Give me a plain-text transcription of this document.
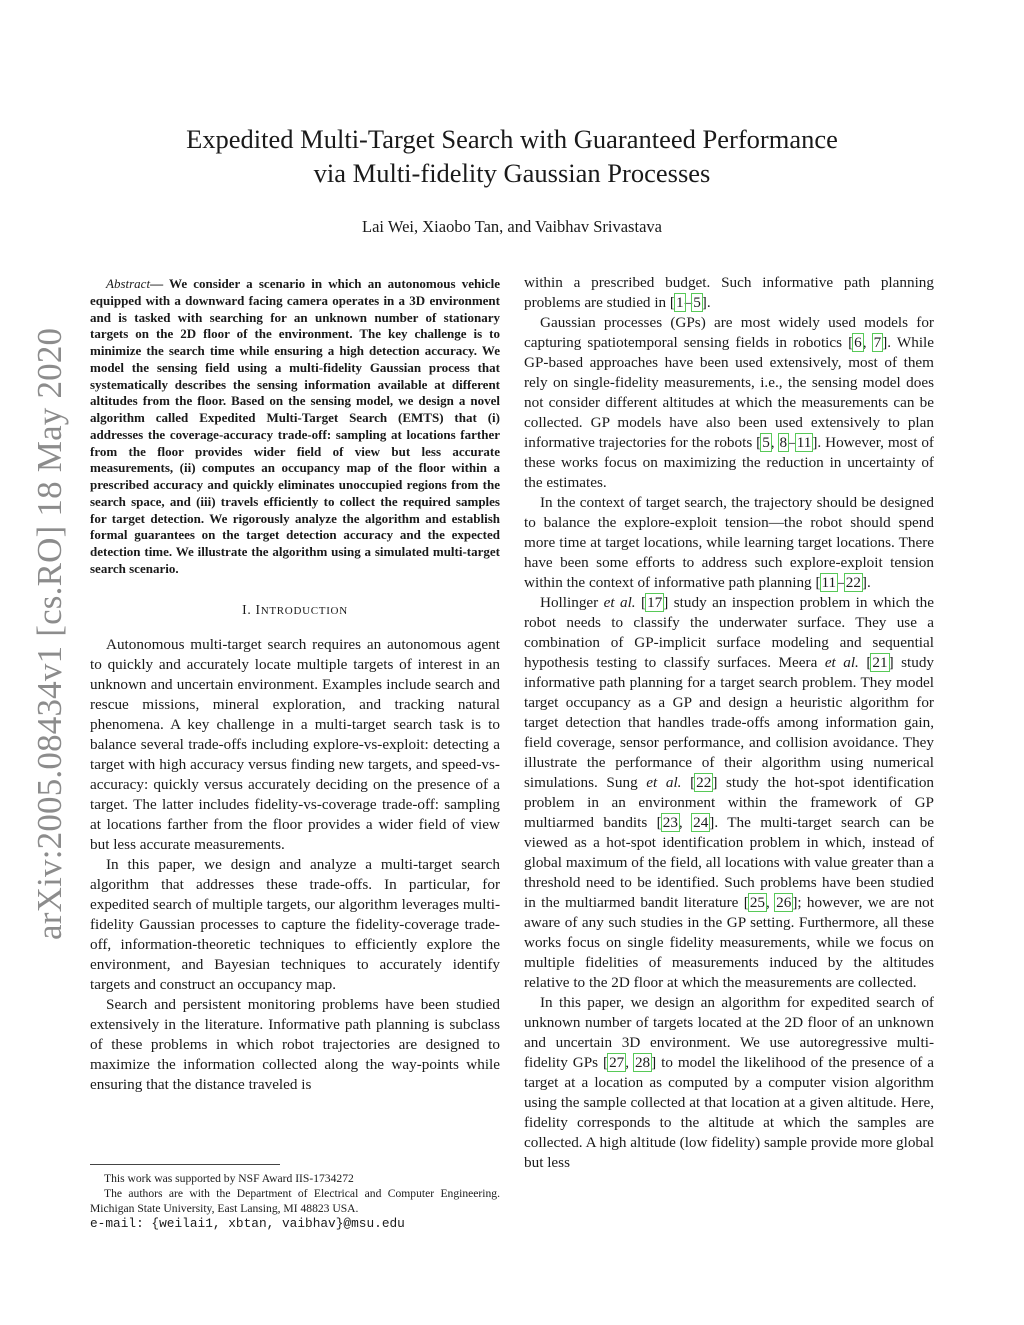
arXiv:2005.08434v1 [cs.RO] 18 May 2020
Expedited Multi-Target Search with Guaranteed Performance
via Multi-fidelity Gaussian Processes
Lai Wei, Xiaobo Tan, and Vaibhav Srivastava

Abstract— We consider a scenario in which an autonomous vehicle equipped with a downward facing camera operates in a 3D environment and is tasked with searching for an unknown number of stationary targets on the 2D floor of the environment. The key challenge is to minimize the search time while ensuring a high detection accuracy. We model the sensing field using a multi-fidelity Gaussian process that systematically describes the sensing information available at different altitudes from the floor. Based on the sensing model, we design a novel algorithm called Expedited Multi-Target Search (EMTS) that (i) addresses the coverage-accuracy trade-off: sampling at locations farther from the floor provides wider field of view but less accurate measurements, (ii) computes an occupancy map of the floor within a prescribed accuracy and quickly eliminates unoccupied regions from the search space, and (iii) travels efficiently to collect the required samples for target detection. We rigorously analyze the algorithm and establish formal guarantees on the target detection accuracy and the expected detection time. We illustrate the algorithm using a simulated multi-target search scenario.

I. INTRODUCTION

Autonomous multi-target search requires an autonomous agent to quickly and accurately locate multiple targets of interest in an unknown and uncertain environment. Examples include search and rescue missions, mineral exploration, and tracking natural phenomena. A key challenge in a multi-target search task is to balance several trade-offs including explore-vs-exploit: detecting a target with high accuracy versus finding new targets, and speed-vs-accuracy: quickly versus accurately deciding on the presence of a target. The latter includes fidelity-vs-coverage trade-off: sampling at locations farther from the floor provides a wider field of view but less accurate measurements.

In this paper, we design and analyze a multi-target search algorithm that addresses these trade-offs. In particular, for expedited search of multiple targets, our algorithm leverages multi-fidelity Gaussian processes to capture the fidelity-coverage trade-off, information-theoretic techniques to efficiently explore the environment, and Bayesian techniques to accurately identify targets and construct an occupancy map.

Search and persistent monitoring problems have been studied extensively in the literature. Informative path planning is subclass of these problems in which robot trajectories are designed to maximize the information collected along the way-points while ensuring that the distance traveled is

within a prescribed budget. Such informative path planning problems are studied in [1–5].

Gaussian processes (GPs) are most widely used models for capturing spatiotemporal sensing fields in robotics [6, 7]. While GP-based approaches have been used extensively, most of them rely on single-fidelity measurements, i.e., the sensing model does not consider different altitudes at which the measurements can be collected. GP models have also been used extensively to plan informative trajectories for the robots [5, 8–11]. However, most of these works focus on maximizing the reduction in uncertainty of the estimates.

In the context of target search, the trajectory should be designed to balance the explore-exploit tension—the robot should spend more time at target locations, while learning target locations. There have been some efforts to address such explore-exploit tension within the context of informative path planning [11–22].

Hollinger et al. [17] study an inspection problem in which the robot needs to classify the underwater surface. They use a combination of GP-implicit surface modeling and sequential hypothesis testing to classify surfaces. Meera et al. [21] study informative path planning for a target search problem. They model target occupancy as a GP and design a heuristic algorithm for target detection that handles trade-offs among information gain, field coverage, sensor performance, and collision avoidance. They illustrate the performance of their algorithm using numerical simulations. Sung et al. [22] study the hot-spot identification problem in an environment within the framework of GP multiarmed bandits [23, 24]. The multi-target search can be viewed as a hot-spot identification problem in which, instead of global maximum of the field, all locations with value greater than a threshold need to be identified. Such problems have been studied in the multiarmed bandit literature [25, 26]; however, we are not aware of any such studies in the GP setting. Furthermore, all these works focus on single fidelity measurements, while we focus on multiple fidelities of measurements induced by the altitudes relative to the 2D floor at which the measurements are collected.

In this paper, we design an algorithm for expedited search of unknown number of targets located at the 2D floor of an unknown and uncertain 3D environment. We use autoregressive multi-fidelity GPs [27, 28] to model the likelihood of the presence of a target at a location as computed by a computer vision algorithm using the sample collected at that location at a given altitude. Here, fidelity corresponds to the altitude at which the samples are collected. A high altitude (low fidelity) sample provide more global but less

This work was supported by NSF Award IIS-1734272

The authors are with the Department of Electrical and Computer Engineering. Michigan State University, East Lansing, MI 48823 USA.

e-mail: {weilai1, xbtan, vaibhav}@msu.edu
